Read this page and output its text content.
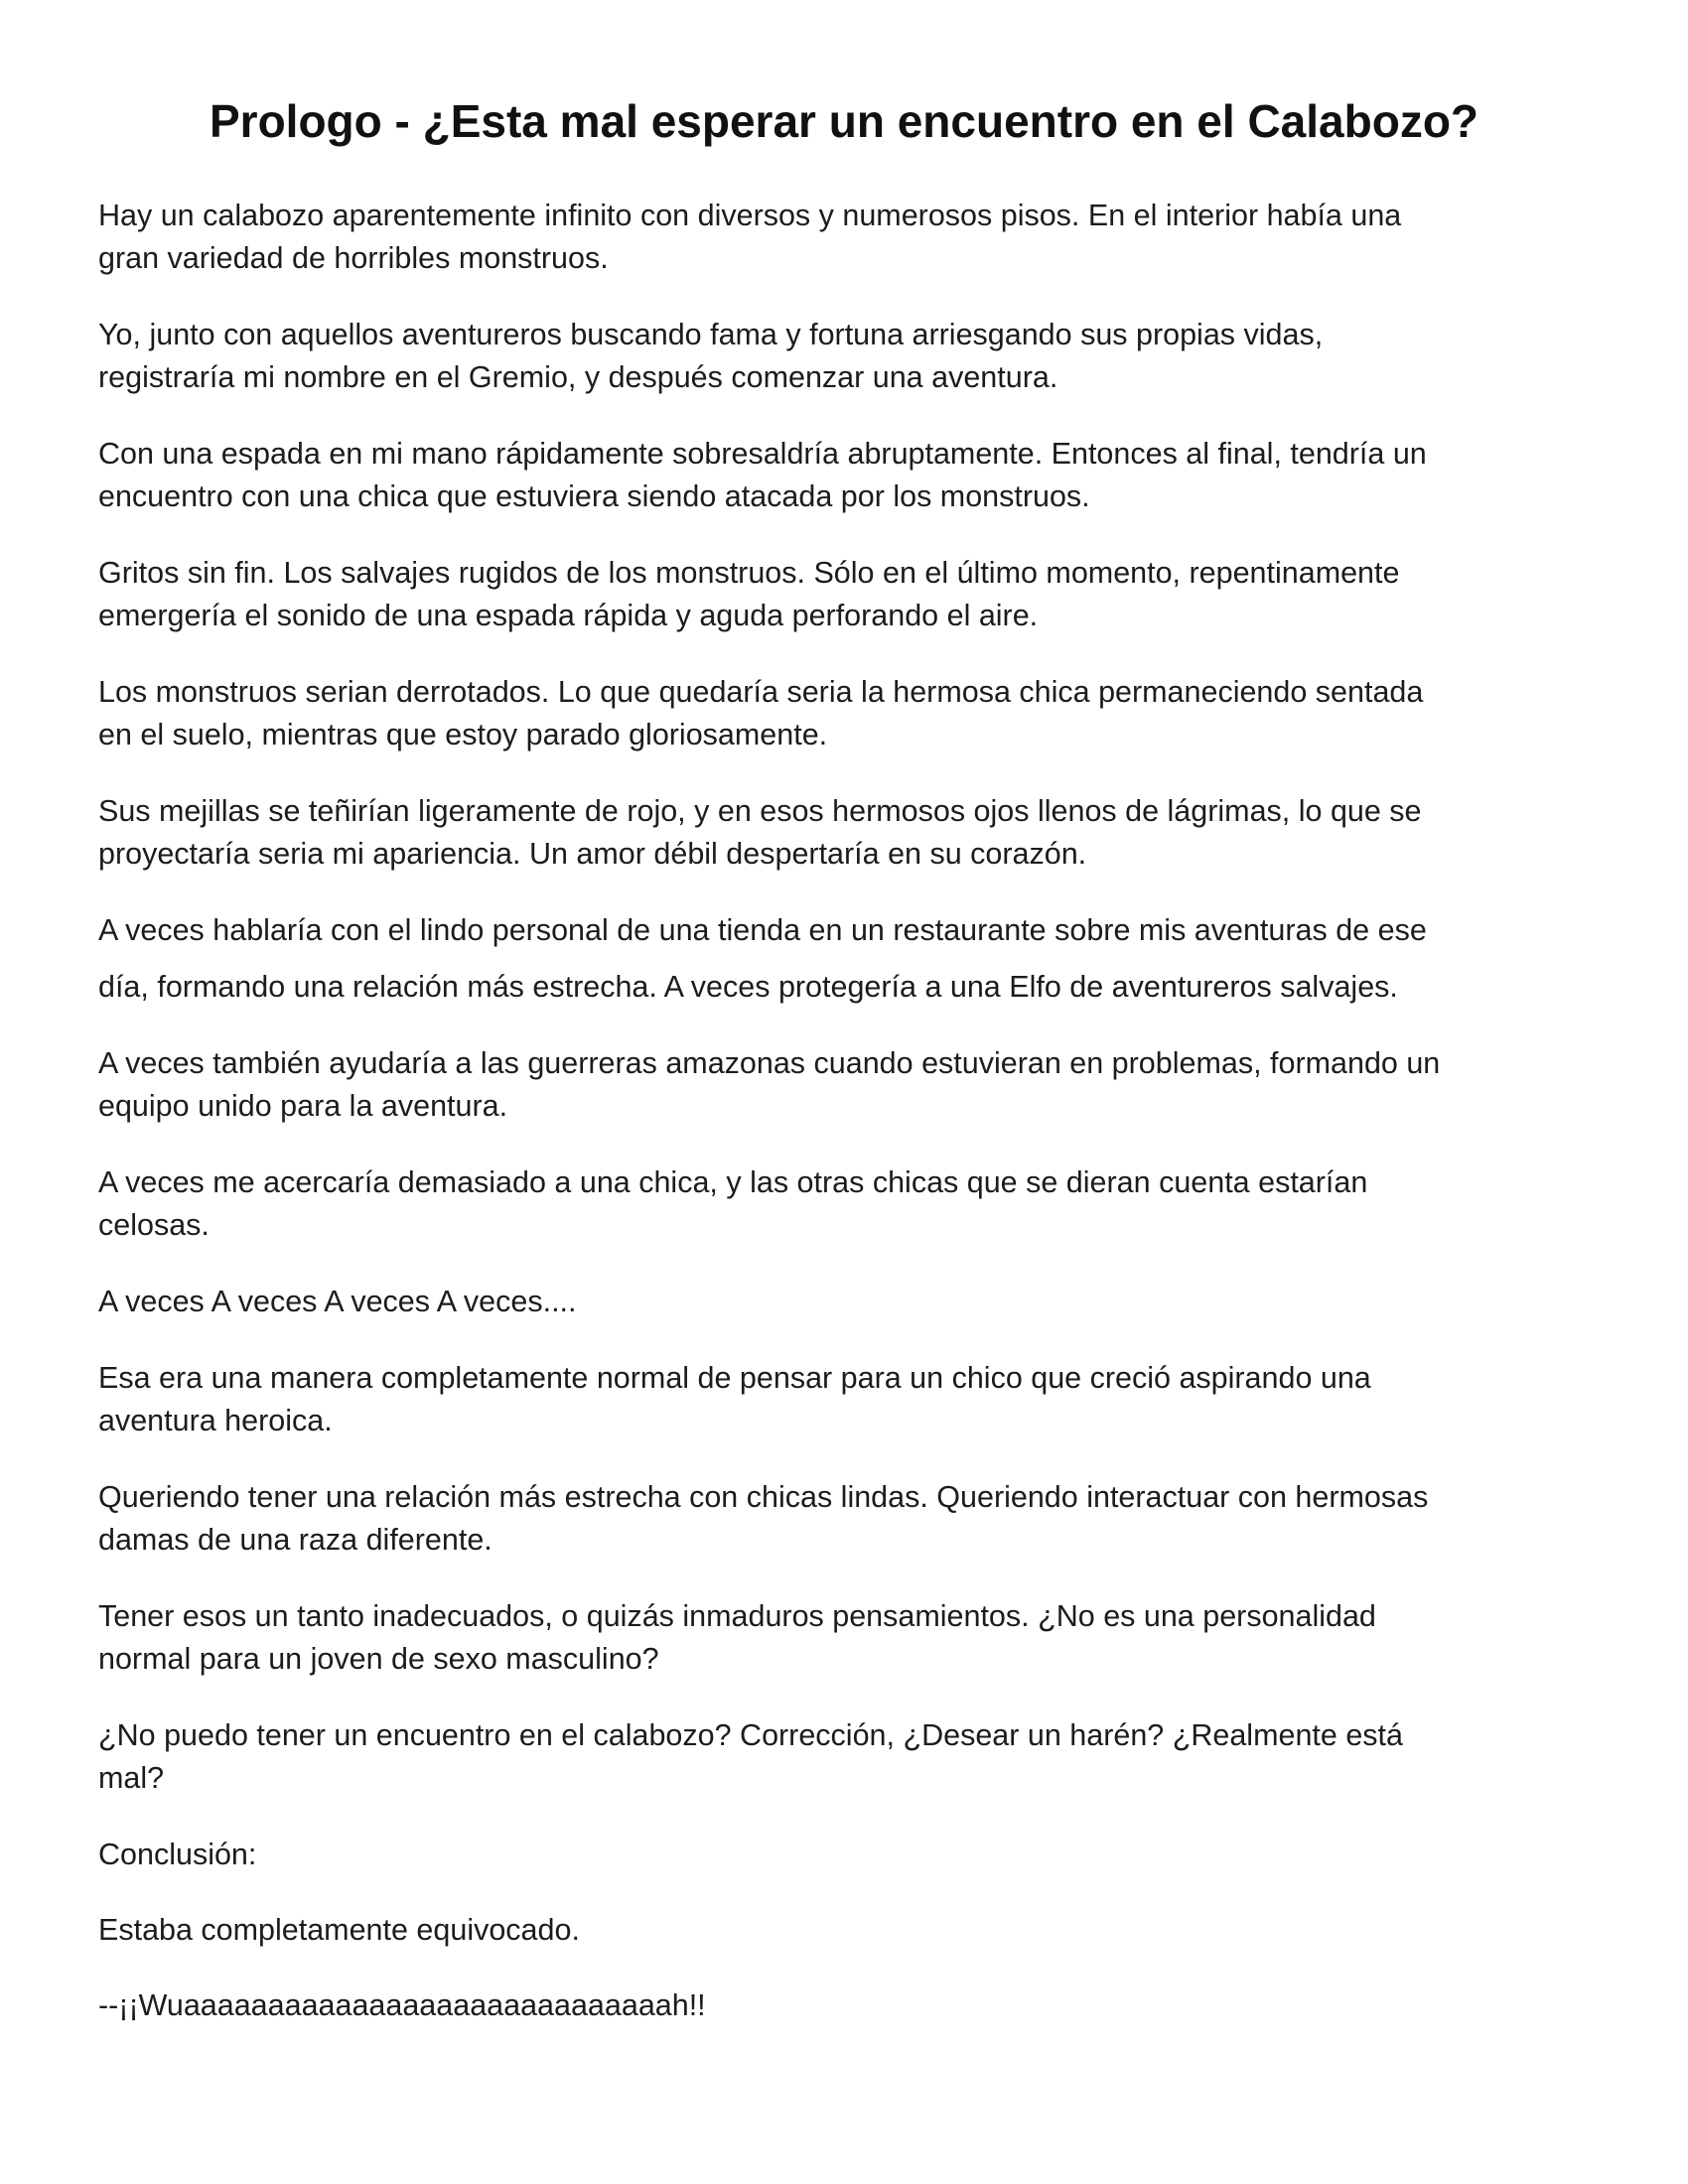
Prologo - ¿Esta mal esperar un encuentro en el Calabozo?

Hay un calabozo aparentemente infinito con diversos y numerosos pisos. En el interior había una
gran variedad de horribles monstruos.

Yo, junto con aquellos aventureros buscando fama y fortuna arriesgando sus propias vidas,
registraría mi nombre en el Gremio, y después comenzar una aventura.

Con una espada en mi mano rápidamente sobresaldría abruptamente. Entonces al final, tendría un
encuentro con una chica que estuviera siendo atacada por los monstruos.

Gritos sin fin. Los salvajes rugidos de los monstruos. Sólo en el último momento, repentinamente
emergería el sonido de una espada rápida y aguda perforando el aire.

Los monstruos serian derrotados. Lo que quedaría seria la hermosa chica permaneciendo sentada
en el suelo, mientras que estoy parado gloriosamente.

Sus mejillas se teñirían ligeramente de rojo, y en esos hermosos ojos llenos de lágrimas, lo que se
proyectaría seria mi apariencia. Un amor débil despertaría en su corazón.

A veces hablaría con el lindo personal de una tienda en un restaurante sobre mis aventuras de ese
día, formando una relación más estrecha. A veces protegería a una Elfo de aventureros salvajes.

A veces también ayudaría a las guerreras amazonas cuando estuvieran en problemas, formando un
equipo unido para la aventura.

A veces me acercaría demasiado a una chica, y las otras chicas que se dieran cuenta estarían
celosas.

A veces A veces A veces A veces....

Esa era una manera completamente normal de pensar para un chico que creció aspirando una
aventura heroica.

Queriendo tener una relación más estrecha con chicas lindas. Queriendo interactuar con hermosas
damas de una raza diferente.

Tener esos un tanto inadecuados, o quizás inmaduros pensamientos. ¿No es una personalidad
normal para un joven de sexo masculino?

¿No puedo tener un encuentro en el calabozo? Corrección, ¿Desear un harén? ¿Realmente está
mal?

Conclusión:

Estaba completamente equivocado.

--¡¡Wuaaaaaaaaaaaaaaaaaaaaaaaaaaaaah!!
